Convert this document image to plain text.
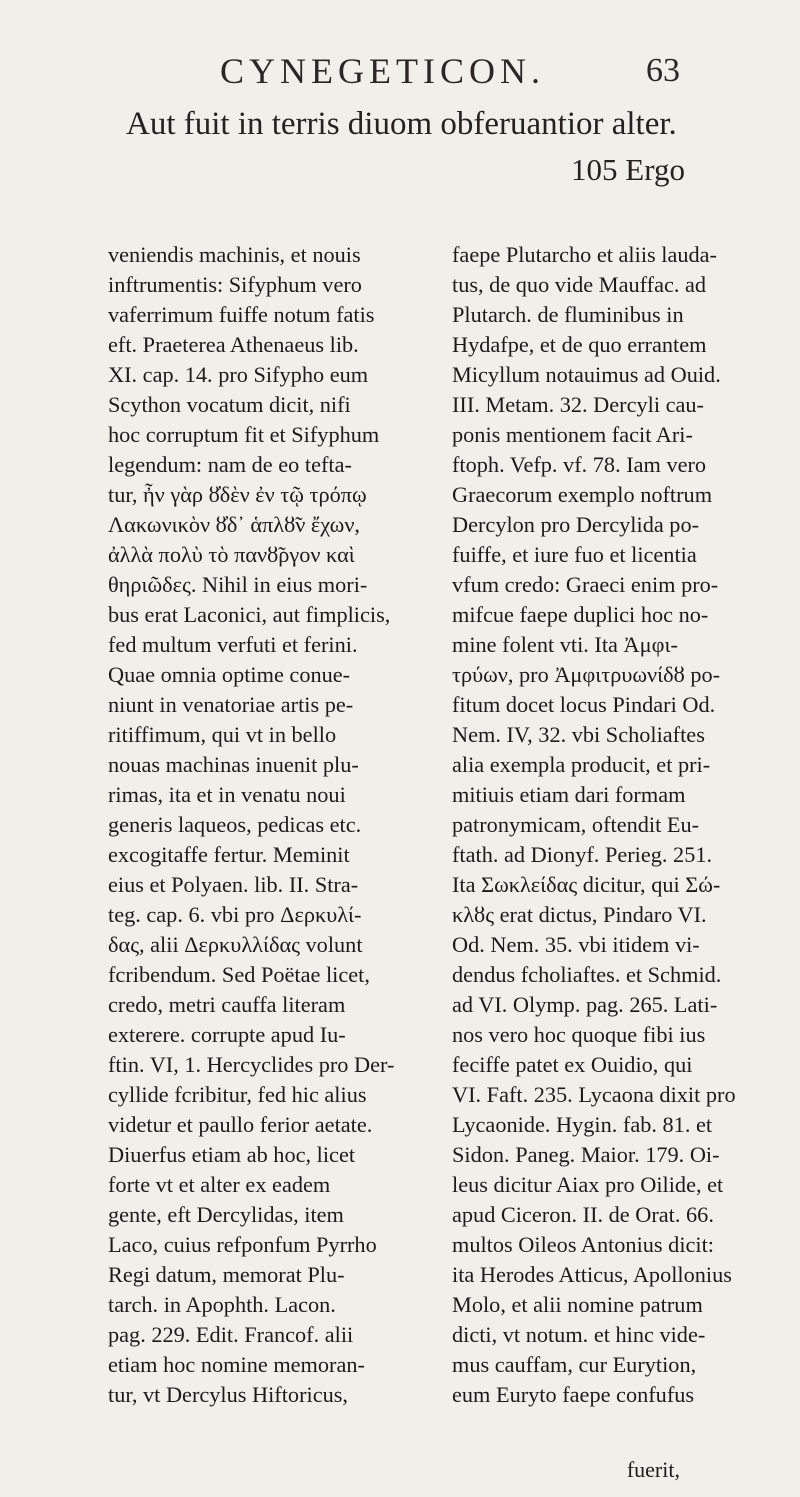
CYNEGETICON.	63
Aut fuit in terris diuom obferuantior alter.
105 Ergo
veniendis machinis, et nouis
inftrumentis: Sifyphum vero
vaferrimum fuiffe notum fatis
eft. Praeterea Athenaeus lib.
XI. cap. 14. pro Sifypho eum
Scython vocatum dicit, nifi
hoc corruptum fit et Sifyphum
legendum: nam de eo tefta-
tur, ἦν γὰρ ȣ̓δὲν ἐν τῷ τρόπῳ
Λακωνικὸν ȣ̓δ᾽ ἁπλȣ̃ν ἔχων,
ἀλλὰ πολὺ τὸ πανȣ̃ργον καὶ
θηριῶδες. Nihil in eius mori-
bus erat Laconici, aut fimplicis,
fed multum verfuti et ferini.
Quae omnia optime conue-
niunt in venatoriae artis pe-
ritiffimum, qui vt in bello
nouas machinas inuenit plu-
rimas, ita et in venatu noui
generis laqueos, pedicas etc.
excogitaffe fertur. Meminit
eius et Polyaen. lib. II. Stra-
teg. cap. 6. vbi pro Δερκυλί-
δας, alii Δερκυλλίδας volunt
fcribendum. Sed Poëtae licet,
credo, metri cauffa literam
exterere. corrupte apud Iu-
ftin. VI, 1. Hercyclides pro Der-
cyllide fcribitur, fed hic alius
videtur et paullo ferior aetate.
Diuerfus etiam ab hoc, licet
forte vt et alter ex eadem
gente, eft Dercylidas, item
Laco, cuius refponfum Pyrrho
Regi datum, memorat Plu-
tarch. in Apophth. Lacon.
pag. 229. Edit. Francof. alii
etiam hoc nomine memoran-
tur, vt Dercylus Hiftoricus,
faepe Plutarcho et aliis lauda-
tus, de quo vide Mauffac. ad
Plutarch. de fluminibus in
Hydafpe, et de quo errantem
Micyllum notauimus ad Ouid.
III. Metam. 32. Dercyli cau-
ponis mentionem facit Ari-
ftoph. Vefp. vf. 78. Iam vero
Graecorum exemplo noftrum
Dercylon pro Dercylida po-
fuiffe, et iure fuo et licentia
vfum credo: Graeci enim pro-
mifcue faepe duplici hoc no-
mine folent vti. Ita Ἀμφι-
τρύων, pro Ἀμφιτρυωνίδȣ po-
fitum docet locus Pindari Od.
Nem. IV, 32. vbi Scholiaftes
alia exempla producit, et pri-
mitiuis etiam dari formam
patronymicam, oftendit Eu-
ftath. ad Dionyf. Perieg. 251.
Ita Σωκλείδας dicitur, qui Σώ-
κλȣς erat dictus, Pindaro VI.
Od. Nem. 35. vbi itidem vi-
dendus fcholiaftes. et Schmid.
ad VI. Olymp. pag. 265. Lati-
nos vero hoc quoque fibi ius
feciffe patet ex Ouidio, qui
VI. Faft. 235. Lycaona dixit pro
Lycaonide. Hygin. fab. 81. et
Sidon. Paneg. Maior. 179. Oi-
leus dicitur Aiax pro Oilide, et
apud Ciceron. II. de Orat. 66.
multos Oileos Antonius dicit:
ita Herodes Atticus, Apollonius
Molo, et alii nomine patrum
dicti, vt notum. et hinc vide-
mus cauffam, cur Eurytion,
eum Euryto faepe confufus
fuerit,
